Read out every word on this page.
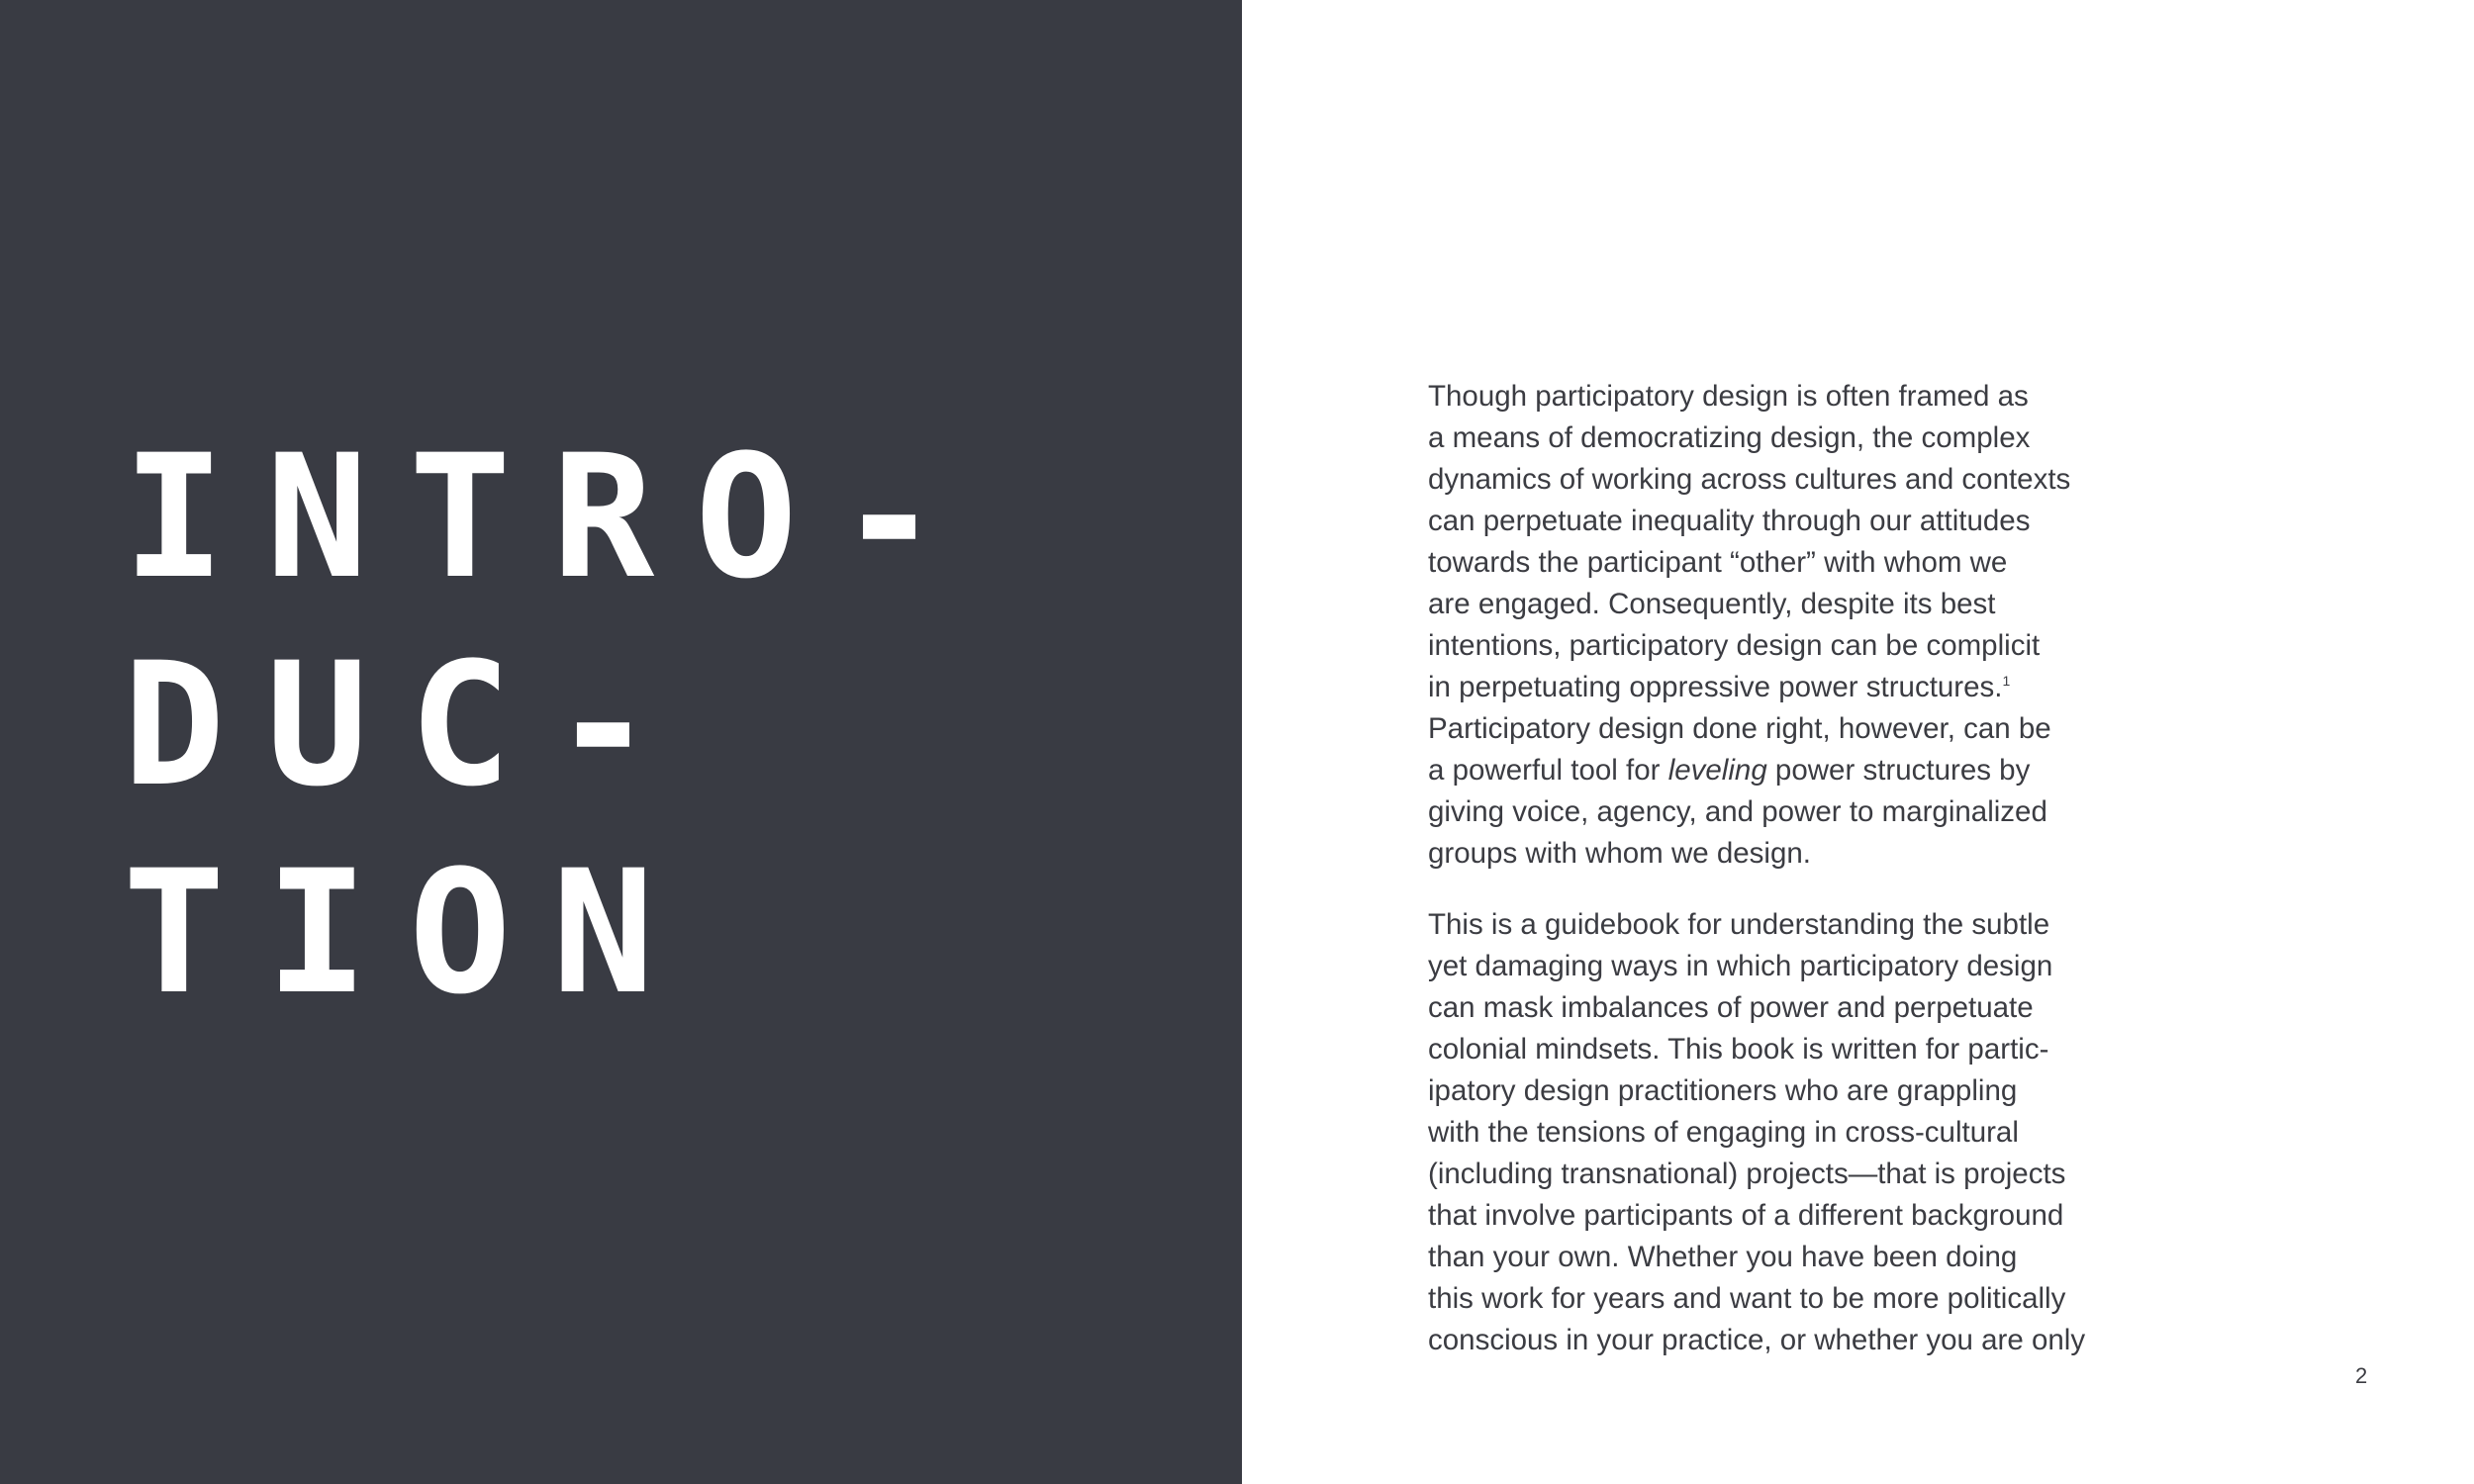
INTRO-
DUC-
TION

Though participatory design is often framed as
a means of democratizing design, the complex
dynamics of working across cultures and contexts
can perpetuate inequality through our attitudes
towards the participant “other” with whom we
are engaged. Consequently, despite its best
intentions, participatory design can be complicit
in perpetuating oppressive power structures.$^1$
Participatory design done right, however, can be
a powerful tool for leveling power structures by
giving voice, agency, and power to marginalized
groups with whom we design.

This is a guidebook for understanding the subtle
yet damaging ways in which participatory design
can mask imbalances of power and perpetuate
colonial mindsets. This book is written for partic-
ipatory design practitioners who are grappling
with the tensions of engaging in cross-cultural
(including transnational) projects—that is projects
that involve participants of a different background
than your own. Whether you have been doing
this work for years and want to be more politically
conscious in your practice, or whether you are only

2
